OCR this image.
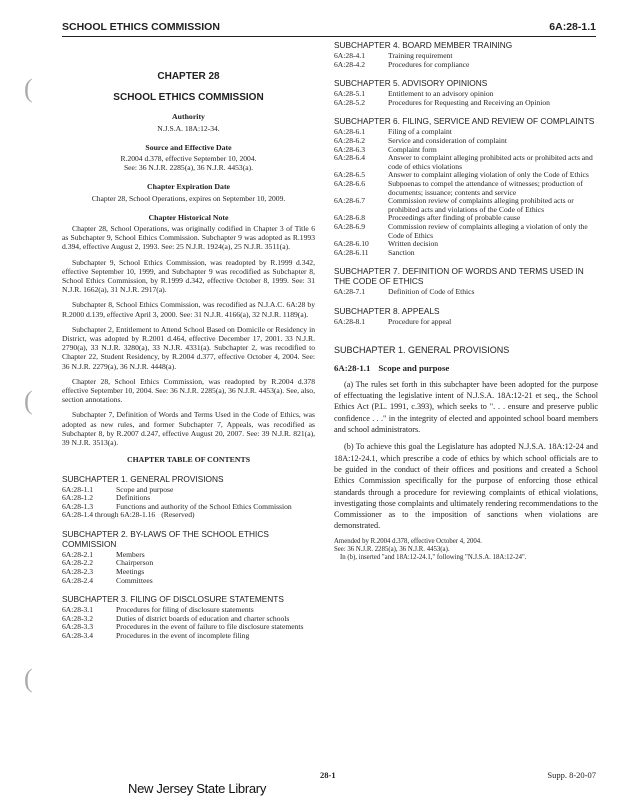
SCHOOL ETHICS COMMISSION	6A:28-1.1
(
(
(
CHAPTER 28
SCHOOL ETHICS COMMISSION
Authority
N.J.S.A. 18A:12-34.
Source and Effective Date
R.2004 d.378, effective September 10, 2004.
See: 36 N.J.R. 2285(a), 36 N.J.R. 4453(a).
Chapter Expiration Date
Chapter 28, School Operations, expires on September 10, 2009.
Chapter Historical Note
Chapter 28, School Operations, was originally codified in Chapter 3 of Title 6 as Subchapter 9, School Ethics Commission. Subchapter 9 was adopted as R.1993 d.394, effective August 2, 1993. See: 25 N.J.R. 1924(a), 25 N.J.R. 3511(a).
Subchapter 9, School Ethics Commission, was readopted by R.1999 d.342, effective September 10, 1999, and Subchapter 9 was recodified as Subchapter 8, School Ethics Commission, by R.1999 d.342, effective October 8, 1999. See: 31 N.J.R. 1662(a), 31 N.J.R. 2917(a).
Subchapter 8, School Ethics Commission, was recodified as N.J.A.C. 6A:28 by R.2000 d.139, effective April 3, 2000. See: 31 N.J.R. 4166(a), 32 N.J.R. 1189(a).
Subchapter 2, Entitlement to Attend School Based on Domicile or Residency in District, was adopted by R.2001 d.464, effective December 17, 2001. 33 N.J.R. 2790(a), 33 N.J.R. 3280(a), 33 N.J.R. 4331(a). Subchapter 2, was recodified to Chapter 22, Student Residency, by R.2004 d.377, effective October 4, 2004. See: 36 N.J.R. 2279(a), 36 N.J.R. 4448(a).
Chapter 28, School Ethics Commission, was readopted by R.2004 d.378 effective September 10, 2004. See: 36 N.J.R. 2285(a), 36 N.J.R. 4453(a). See, also, section annotations.
Subchapter 7, Definition of Words and Terms Used in the Code of Ethics, was adopted as new rules, and former Subchapter 7, Appeals, was recodified as Subchapter 8, by R.2007 d.247, effective August 20, 2007. See: 39 N.J.R. 821(a), 39 N.J.R. 3513(a).
CHAPTER TABLE OF CONTENTS
SUBCHAPTER 1. GENERAL PROVISIONS
6A:28-1.1	Scope and purpose
6A:28-1.2	Definitions
6A:28-1.3	Functions and authority of the School Ethics Commission
6A:28-1.4 through 6A:28-1.16 (Reserved)	
SUBCHAPTER 2. BY-LAWS OF THE SCHOOL ETHICS COMMISSION
6A:28-2.1	Members
6A:28-2.2	Chairperson
6A:28-2.3	Meetings
6A:28-2.4	Committees
SUBCHAPTER 3. FILING OF DISCLOSURE STATEMENTS
6A:28-3.1	Procedures for filing of disclosure statements
6A:28-3.2	Duties of district boards of education and charter schools
6A:28-3.3	Procedures in the event of failure to file disclosure statements
6A:28-3.4	Procedures in the event of incomplete filing
SUBCHAPTER 4. BOARD MEMBER TRAINING
6A:28-4.1	Training requirement
6A:28-4.2	Procedures for compliance
SUBCHAPTER 5. ADVISORY OPINIONS
6A:28-5.1	Entitlement to an advisory opinion
6A:28-5.2	Procedures for Requesting and Receiving an Opinion
SUBCHAPTER 6. FILING, SERVICE AND REVIEW OF COMPLAINTS
6A:28-6.1	Filing of a complaint
6A:28-6.2	Service and consideration of complaint
6A:28-6.3	Complaint form
6A:28-6.4	Answer to complaint alleging prohibited acts or prohibited acts and code of ethics violations
6A:28-6.5	Answer to complaint alleging violation of only the Code of Ethics
6A:28-6.6	Subpoenas to compel the attendance of witnesses; production of documents; issuance; contents and service
6A:28-6.7	Commission review of complaints alleging prohibited acts or prohibited acts and violations of the Code of Ethics
6A:28-6.8	Proceedings after finding of probable cause
6A:28-6.9	Commission review of complaints alleging a violation of only the Code of Ethics
6A:28-6.10	Written decision
6A:28-6.11	Sanction
SUBCHAPTER 7. DEFINITION OF WORDS AND TERMS USED IN THE CODE OF ETHICS
6A:28-7.1	Definition of Code of Ethics
SUBCHAPTER 8. APPEALS
6A:28-8.1	Procedure for appeal
SUBCHAPTER 1. GENERAL PROVISIONS
6A:28-1.1 Scope and purpose
(a) The rules set forth in this subchapter have been adopted for the purpose of effectuating the legislative intent of N.J.S.A. 18A:12-21 et seq., the School Ethics Act (P.L. 1991, c.393), which seeks to ". . . ensure and preserve public confidence . . ." in the integrity of elected and appointed school board members and school administrators.
(b) To achieve this goal the Legislature has adopted N.J.S.A. 18A:12-24 and 18A:12-24.1, which prescribe a code of ethics by which school officials are to be guided in the conduct of their offices and positions and created a School Ethics Commission specifically for the purpose of enforcing those ethical standards through a procedure for reviewing complaints of ethical violations, investigating those complaints and ultimately rendering recommendations to the Commissioner as to the imposition of sanctions when violations are demonstrated.
Amended by R.2004 d.378, effective October 4, 2004.
See: 36 N.J.R. 2285(a), 36 N.J.R. 4453(a).
In (b), inserted "and 18A:12-24.1," following "N.J.S.A. 18A:12-24".
28-1	Supp. 8-20-07
New Jersey State Library
